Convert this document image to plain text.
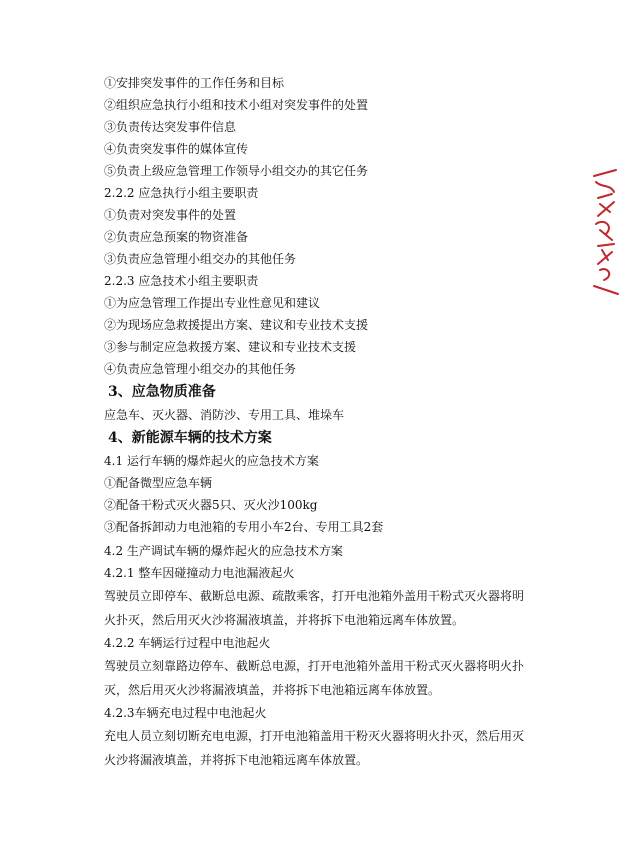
①安排突发事件的工作任务和目标
②组织应急执行小组和技术小组对突发事件的处置
③负责传达突发事件信息
④负责突发事件的媒体宣传
⑤负责上级应急管理工作领导小组交办的其它任务
2.2.2 应急执行小组主要职责
①负责对突发事件的处置
②负责应急预案的物资准备
③负责应急管理小组交办的其他任务
2.2.3 应急技术小组主要职责
①为应急管理工作提出专业性意见和建议
②为现场应急救援提出方案、建议和专业技术支援
③参与制定应急救援方案、建议和专业技术支援
④负责应急管理小组交办的其他任务
3、应急物质准备
应急车、灭火器、消防沙、专用工具、堆垛车
4、新能源车辆的技术方案
4.1 运行车辆的爆炸起火的应急技术方案
①配备微型应急车辆
②配备干粉式灭火器5只、灭火沙100kg
③配备拆卸动力电池箱的专用小车2台、专用工具2套
4.2 生产调试车辆的爆炸起火的应急技术方案
4.2.1 整车因碰撞动力电池漏液起火
驾驶员立即停车、截断总电源、疏散乘客，打开电池箱外盖用干粉式灭火器将明火扑灭，然后用灭火沙将漏液填盖，并将拆下电池箱远离车体放置。
4.2.2 车辆运行过程中电池起火
驾驶员立刻靠路边停车、截断总电源，打开电池箱外盖用干粉式灭火器将明火扑灭，然后用灭火沙将漏液填盖，并将拆下电池箱远离车体放置。
4.2.3车辆充电过程中电池起火
充电人员立刻切断充电电源，打开电池箱盖用干粉灭火器将明火扑灭，然后用灭火沙将漏液填盖，并将拆下电池箱远离车体放置。
